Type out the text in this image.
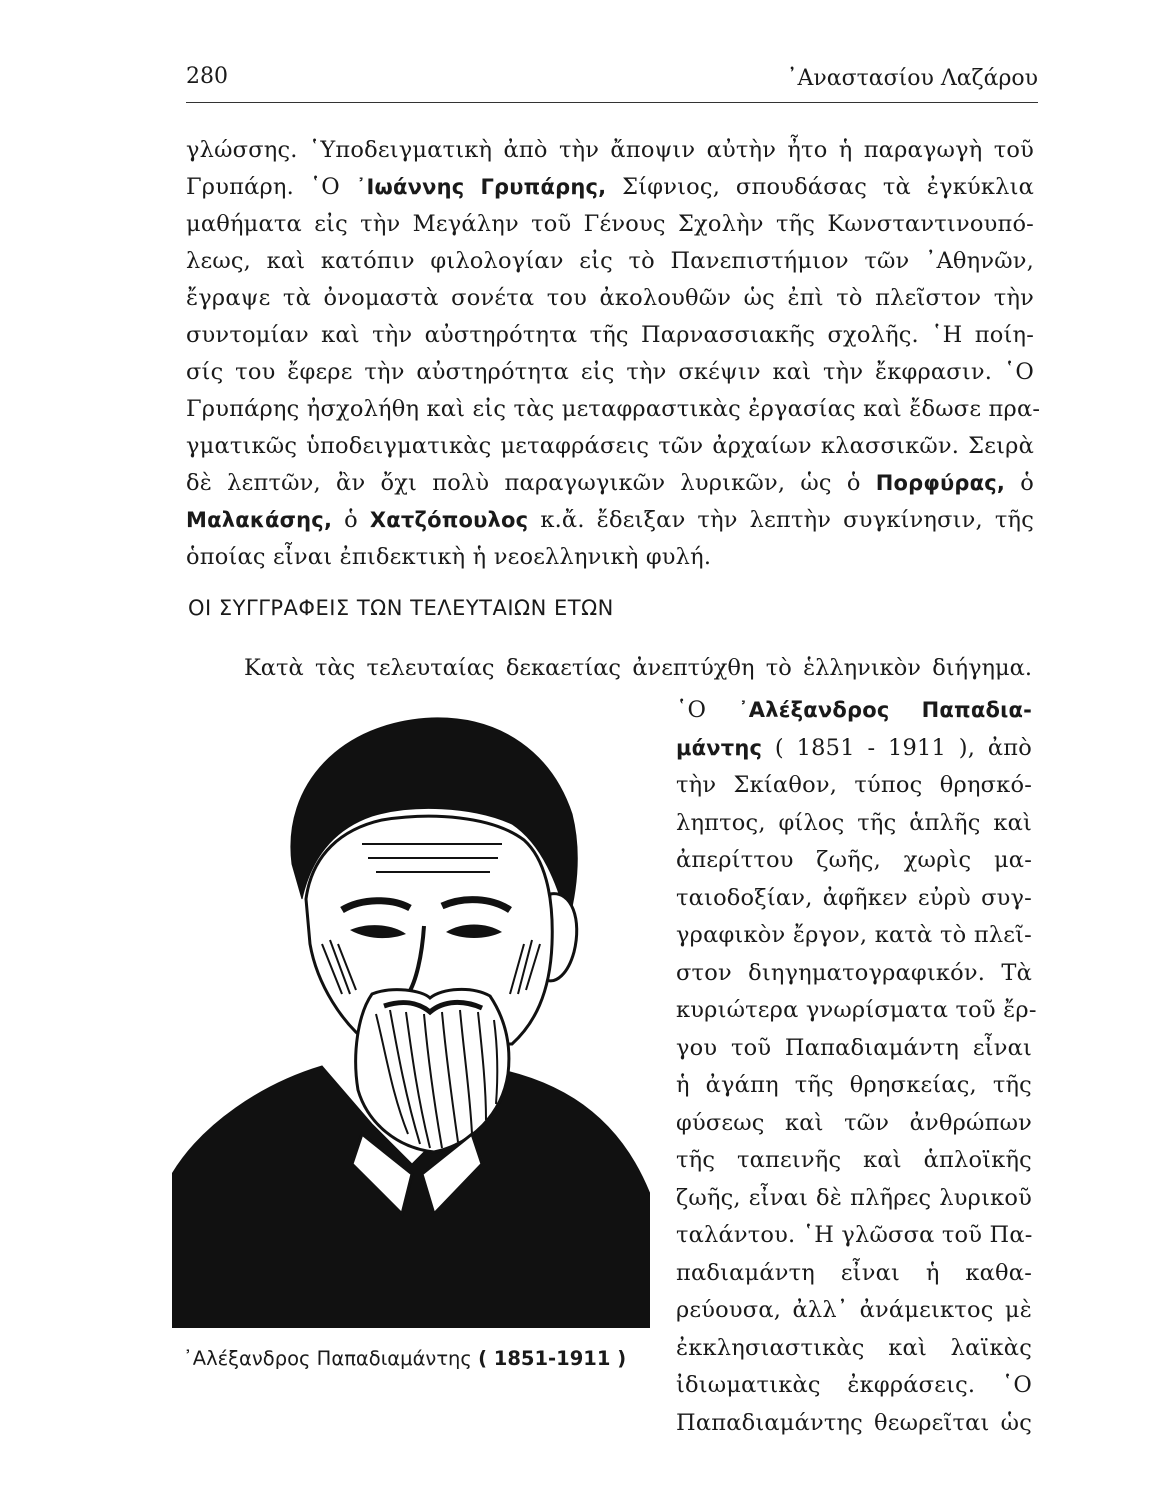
280	᾽Αναστασίου Λαζάρου
γλώσσης. ῾Υποδειγματικὴ ἀπὸ τὴν ἄποψιν αὐτὴν ἦτο ἡ παραγωγὴ τοῦ
Γρυπάρη. ῾Ο ᾽Ιωάννης Γρυπάρης, Σίφνιος, σπουδάσας τὰ ἐγκύκλια
μαθήματα εἰς τὴν Μεγάλην τοῦ Γένους Σχολὴν τῆς Κωνσταντινουπό-
λεως, καὶ κατόπιν φιλολογίαν εἰς τὸ Πανεπιστήμιον τῶν ᾽Αθηνῶν,
ἔγραψε τὰ ὀνομαστὰ σονέτα του ἀκολουθῶν ὡς ἐπὶ τὸ πλεῖστον τὴν
συντομίαν καὶ τὴν αὐστηρότητα τῆς Παρνασσιακῆς σχολῆς. ῾Η ποίη-
σίς του ἔφερε τὴν αὐστηρότητα εἰς τὴν σκέψιν καὶ τὴν ἔκφρασιν. ῾Ο
Γρυπάρης ἠσχολήθη καὶ εἰς τὰς μεταφραστικὰς ἐργασίας καὶ ἔδωσε πρα-
γματικῶς ὑποδειγματικὰς μεταφράσεις τῶν ἀρχαίων κλασσικῶν. Σειρὰ
δὲ λεπτῶν, ἂν ὄχι πολὺ παραγωγικῶν λυρικῶν, ὡς ὁ Πορφύρας, ὁ
Μαλακάσης, ὁ Χατζόπουλος κ.ἄ. ἔδειξαν τὴν λεπτὴν συγκίνησιν, τῆς
ὁποίας εἶναι ἐπιδεκτικὴ ἡ νεοελληνικὴ φυλή.
ΟΙ ΣΥΓΓΡΑΦΕΙΣ ΤΩΝ ΤΕΛΕΥΤΑΙΩΝ ΕΤΩΝ
Κατὰ τὰς τελευταίας δεκαετίας ἀνεπτύχθη τὸ ἑλληνικὸν διήγημα.
῾Ο ᾽Αλέξανδρος Παπαδια-
μάντης ( 1851 - 1911 ), ἀπὸ
τὴν Σκίαθον, τύπος θρησκό-
ληπτος, φίλος τῆς ἁπλῆς καὶ
ἀπερίττου ζωῆς, χωρὶς μα-
ταιοδοξίαν, ἀφῆκεν εὐρὺ συγ-
γραφικὸν ἔργον, κατὰ τὸ πλεῖ-
στον διηγηματογραφικόν. Τὰ
κυριώτερα γνωρίσματα τοῦ ἔρ-
γου τοῦ Παπαδιαμάντη εἶναι
ἡ ἀγάπη τῆς θρησκείας, τῆς
φύσεως καὶ τῶν ἀνθρώπων
τῆς ταπεινῆς καὶ ἁπλοϊκῆς
ζωῆς, εἶναι δὲ πλῆρες λυρικοῦ
ταλάντου. ῾Η γλῶσσα τοῦ Πα-
παδιαμάντη εἶναι ἡ καθα-
ρεύουσα, ἀλλ᾽ ἀνάμεικτος μὲ
ἐκκλησιαστικὰς καὶ λαϊκὰς
ἰδιωματικὰς ἐκφράσεις. ῾Ο
Παπαδιαμάντης θεωρεῖται ὡς
᾽Αλέξανδρος Παπαδιαμάντης ( 1851-1911 )
